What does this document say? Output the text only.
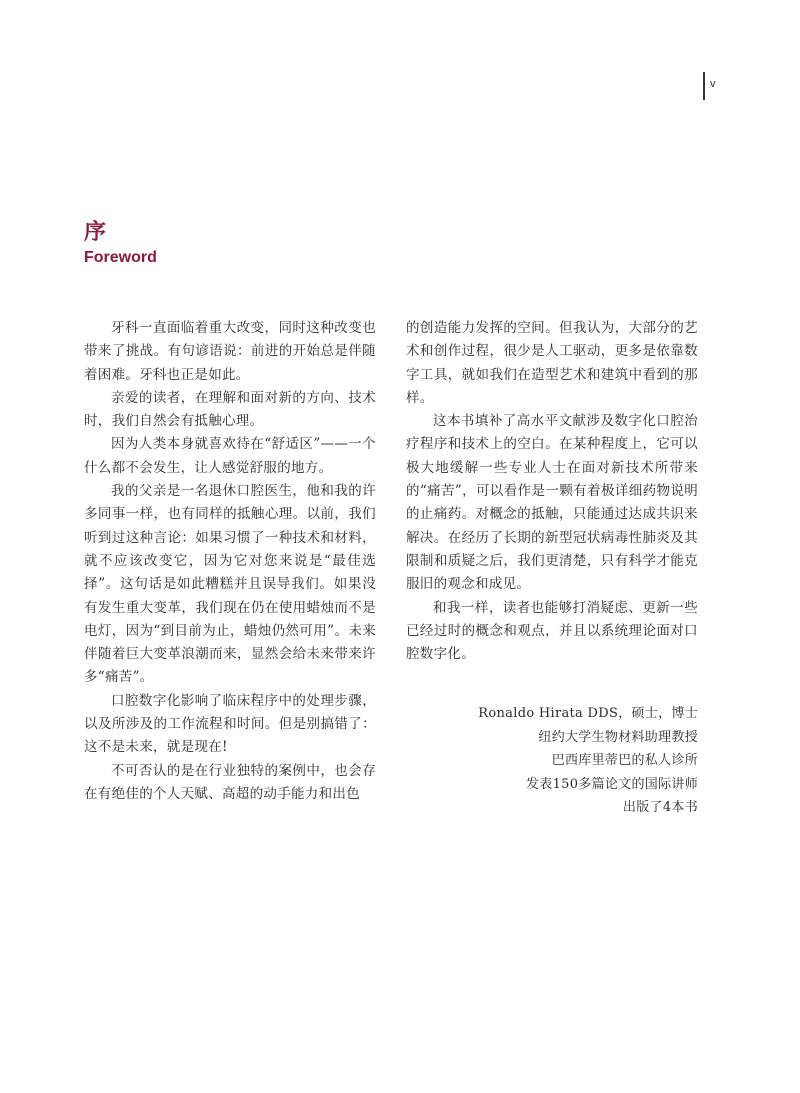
v
序
Foreword

牙科一直面临着重大改变，同时这种改变也带来了挑战。有句谚语说：前进的开始总是伴随着困难。牙科也正是如此。

亲爱的读者，在理解和面对新的方向、技术时，我们自然会有抵触心理。

因为人类本身就喜欢待在“舒适区”——一个什么都不会发生，让人感觉舒服的地方。

我的父亲是一名退休口腔医生，他和我的许多同事一样，也有同样的抵触心理。以前，我们听到过这种言论：如果习惯了一种技术和材料，就不应该改变它，因为它对您来说是“最佳选择”。这句话是如此糟糕并且误导我们。如果没有发生重大变革，我们现在仍在使用蜡烛而不是电灯，因为“到目前为止，蜡烛仍然可用”。未来伴随着巨大变革浪潮而来，显然会给未来带来许多“痛苦”。

口腔数字化影响了临床程序中的处理步骤，以及所涉及的工作流程和时间。但是别搞错了：这不是未来，就是现在!

不可否认的是在行业独特的案例中，也会存在有绝佳的个人天赋、高超的动手能力和出色

的创造能力发挥的空间。但我认为，大部分的艺术和创作过程，很少是人工驱动，更多是依靠数字工具，就如我们在造型艺术和建筑中看到的那样。

这本书填补了高水平文献涉及数字化口腔治疗程序和技术上的空白。在某种程度上，它可以极大地缓解一些专业人士在面对新技术所带来的“痛苦”，可以看作是一颗有着极详细药物说明的止痛药。对概念的抵触，只能通过达成共识来解决。在经历了长期的新型冠状病毒性肺炎及其限制和质疑之后，我们更清楚，只有科学才能克服旧的观念和成见。

和我一样，读者也能够打消疑虑、更新一些已经过时的概念和观点，并且以系统理论面对口腔数字化。

Ronaldo Hirata DDS，硕士，博士
纽约大学生物材料助理教授
巴西库里蒂巴的私人诊所
发表150多篇论文的国际讲师
出版了4本书
